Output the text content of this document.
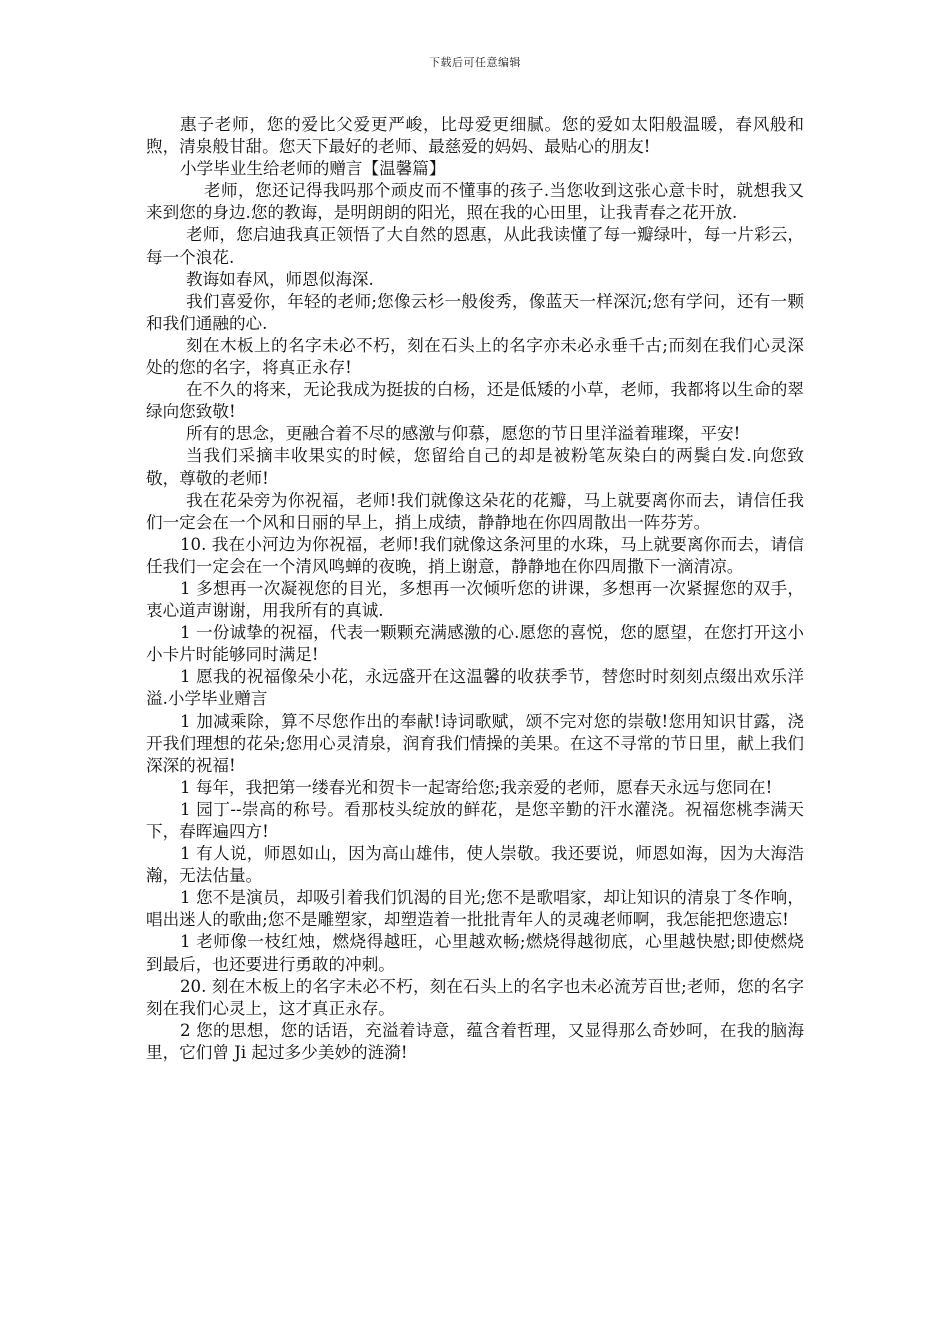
下载后可任意编辑

惠子老师，您的爱比父爱更严峻，比母爱更细腻。您的爱如太阳般温暖，春风般和煦，清泉般甘甜。您天下最好的老师、最慈爱的妈妈、最贴心的朋友!

小学毕业生给老师的赠言【温馨篇】

老师，您还记得我吗那个顽皮而不懂事的孩子.当您收到这张心意卡时，就想我又来到您的身边.您的教诲，是明朗朗的阳光，照在我的心田里，让我青春之花开放.

老师，您启迪我真正领悟了大自然的恩惠，从此我读懂了每一瓣绿叶，每一片彩云，每一个浪花.

教诲如春风，师恩似海深.

我们喜爱你，年轻的老师;您像云杉一般俊秀，像蓝天一样深沉;您有学问，还有一颗和我们通融的心.

刻在木板上的名字未必不朽，刻在石头上的名字亦未必永垂千古;而刻在我们心灵深处的您的名字，将真正永存!

在不久的将来，无论我成为挺拔的白杨，还是低矮的小草，老师，我都将以生命的翠绿向您致敬!

所有的思念，更融合着不尽的感激与仰慕，愿您的节日里洋溢着璀璨，平安!

当我们采摘丰收果实的时候，您留给自己的却是被粉笔灰染白的两鬓白发.向您致敬，尊敬的老师!

我在花朵旁为你祝福，老师!我们就像这朵花的花瓣，马上就要离你而去，请信任我们一定会在一个风和日丽的早上，捎上成绩，静静地在你四周散出一阵芬芳。

10. 我在小河边为你祝福，老师!我们就像这条河里的水珠，马上就要离你而去，请信任我们一定会在一个清风鸣蝉的夜晚，捎上谢意，静静地在你四周撒下一滴清凉。

1 多想再一次凝视您的目光，多想再一次倾听您的讲课，多想再一次紧握您的双手，衷心道声谢谢，用我所有的真诚.

1 一份诚挚的祝福，代表一颗颗充满感激的心.愿您的喜悦，您的愿望，在您打开这小小卡片时能够同时满足!

1 愿我的祝福像朵小花，永远盛开在这温馨的收获季节，替您时时刻刻点缀出欢乐洋溢.小学毕业赠言

1 加减乘除，算不尽您作出的奉献!诗词歌赋，颂不完对您的崇敬!您用知识甘露，浇开我们理想的花朵;您用心灵清泉，润育我们情操的美果。在这不寻常的节日里，献上我们深深的祝福!

1 每年，我把第一缕春光和贺卡一起寄给您;我亲爱的老师，愿春天永远与您同在!

1 园丁--崇高的称号。看那枝头绽放的鲜花，是您辛勤的汗水灌浇。祝福您桃李满天下，春晖遍四方!

1 有人说，师恩如山，因为高山雄伟，使人崇敬。我还要说，师恩如海，因为大海浩瀚，无法估量。

1 您不是演员，却吸引着我们饥渴的目光;您不是歌唱家，却让知识的清泉丁冬作响，唱出迷人的歌曲;您不是雕塑家，却塑造着一批批青年人的灵魂老师啊，我怎能把您遗忘!

1 老师像一枝红烛，燃烧得越旺，心里越欢畅;燃烧得越彻底，心里越快慰;即使燃烧到最后，也还要进行勇敢的冲刺。

20. 刻在木板上的名字未必不朽，刻在石头上的名字也未必流芳百世;老师，您的名字刻在我们心灵上，这才真正永存。

2 您的思想，您的话语，充溢着诗意，蕴含着哲理，又显得那么奇妙呵，在我的脑海里，它们曾 Ji 起过多少美妙的涟漪!
